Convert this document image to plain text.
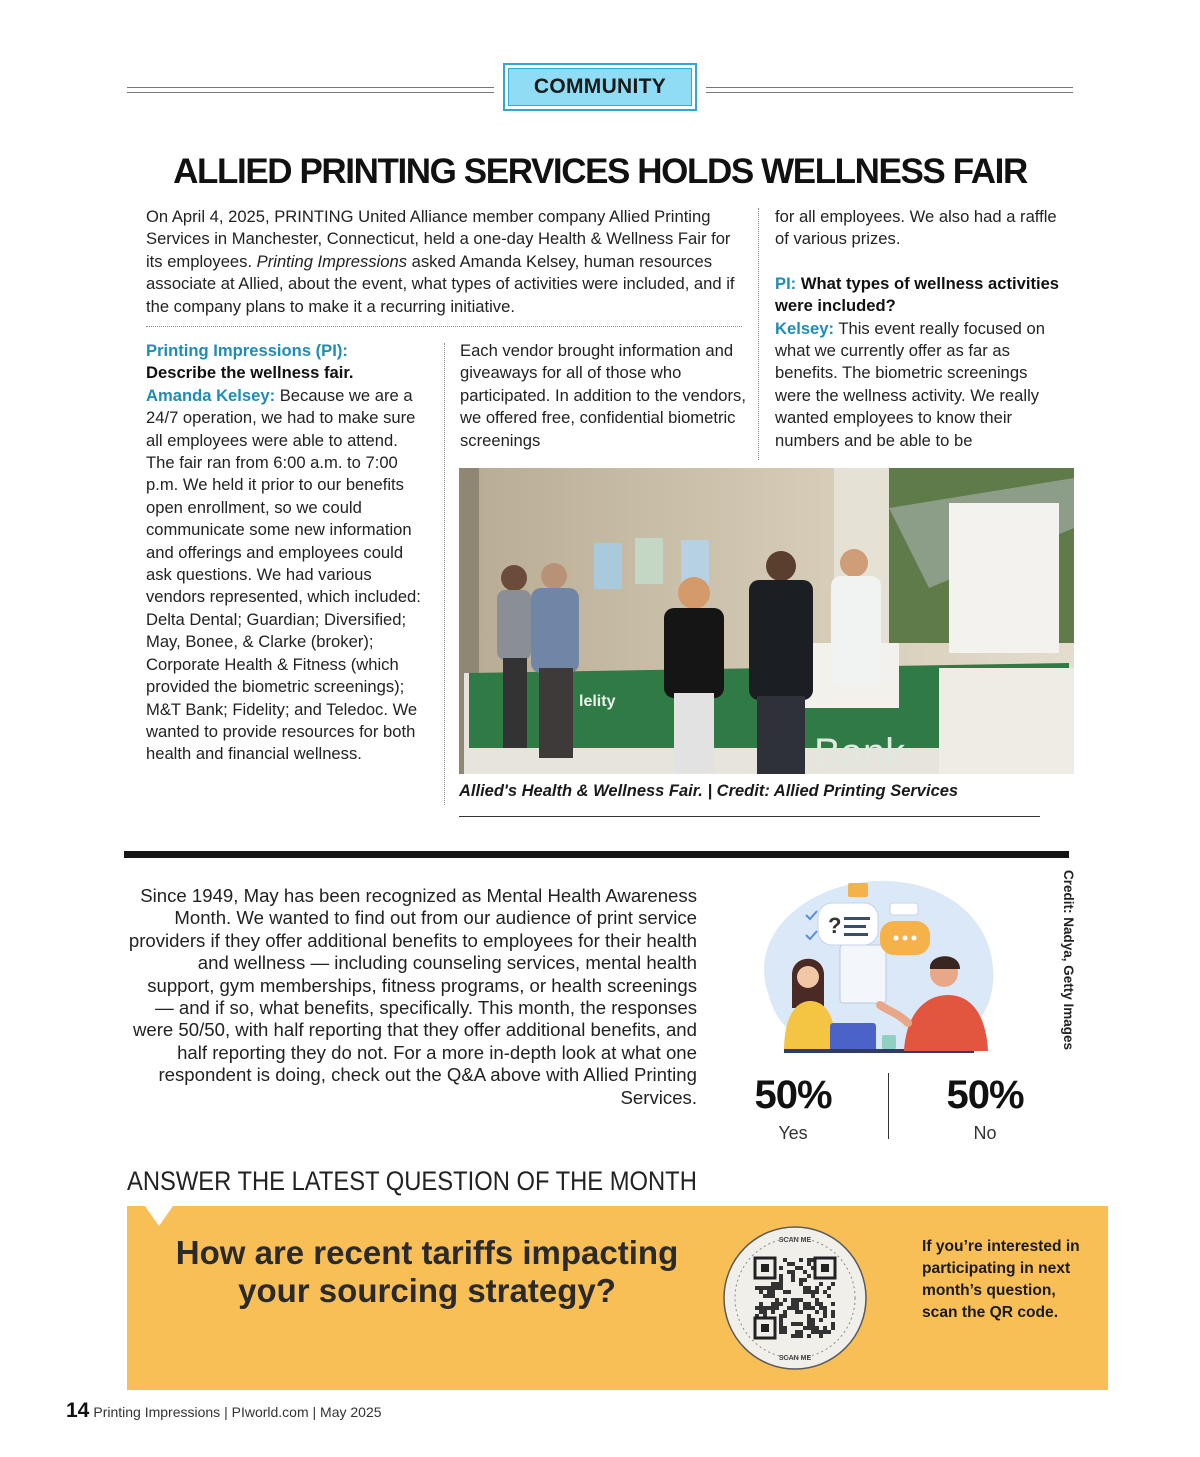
COMMUNITY
ALLIED PRINTING SERVICES HOLDS WELLNESS FAIR

On April 4, 2025, PRINTING United Alliance member company Allied Printing Services in Manchester, Connecticut, held a one-day Health & Wellness Fair for its employees. Printing Impressions asked Amanda Kelsey, human resources associate at Allied, about the event, what types of activities were included, and if the company plans to make it a recurring initiative.

Printing Impressions (PI):
Describe the wellness fair.
Amanda Kelsey: Because we are a 24/7 operation, we had to make sure all employees were able to attend. The fair ran from 6:00 a.m. to 7:00 p.m. We held it prior to our benefits open enrollment, so we could communicate some new information and offerings and employees could ask questions. We had various vendors represented, which included: Delta Dental; Guardian; Diversified; May, Bonee, & Clarke (broker); Corporate Health & Fitness (which provided the biometric screenings); M&T Bank; Fidelity; and Teledoc. We wanted to provide resources for both health and financial wellness.
Each vendor brought information and giveaways for all of those who participated. In addition to the vendors, we offered free, confidential biometric screenings
for all employees. We also had a raffle of various prizes.
PI: What types of wellness activities were included?
Kelsey: This event really focused on what we currently offer as far as benefits. The biometric screenings were the wellness activity. We really wanted employees to know their numbers and be able to be
lelity
Bank
Allied's Health & Wellness Fair. | Credit: Allied Printing Services

Since 1949, May has been recognized as Mental Health Awareness Month. We wanted to find out from our audience of print service providers if they offer additional benefits to employees for their health and wellness — including counseling services, mental health support, gym memberships, fitness programs, or health screenings — and if so, what benefits, specifically. This month, the responses were 50/50, with half reporting that they offer additional benefits, and half reporting they do not. For a more in-depth look at what one respondent is doing, check out the Q&A above with Allied Printing Services.

?	Credit: Nadya, Getty Images
50%
Yes
50%
No
ANSWER THE LATEST QUESTION OF THE MONTH
How are recent tariffs impacting your sourcing strategy?
SCAN ME
SCAN ME
If you’re interested in participating in next month’s question, scan the QR code.
14 Printing Impressions | PIworld.com | May 2025
